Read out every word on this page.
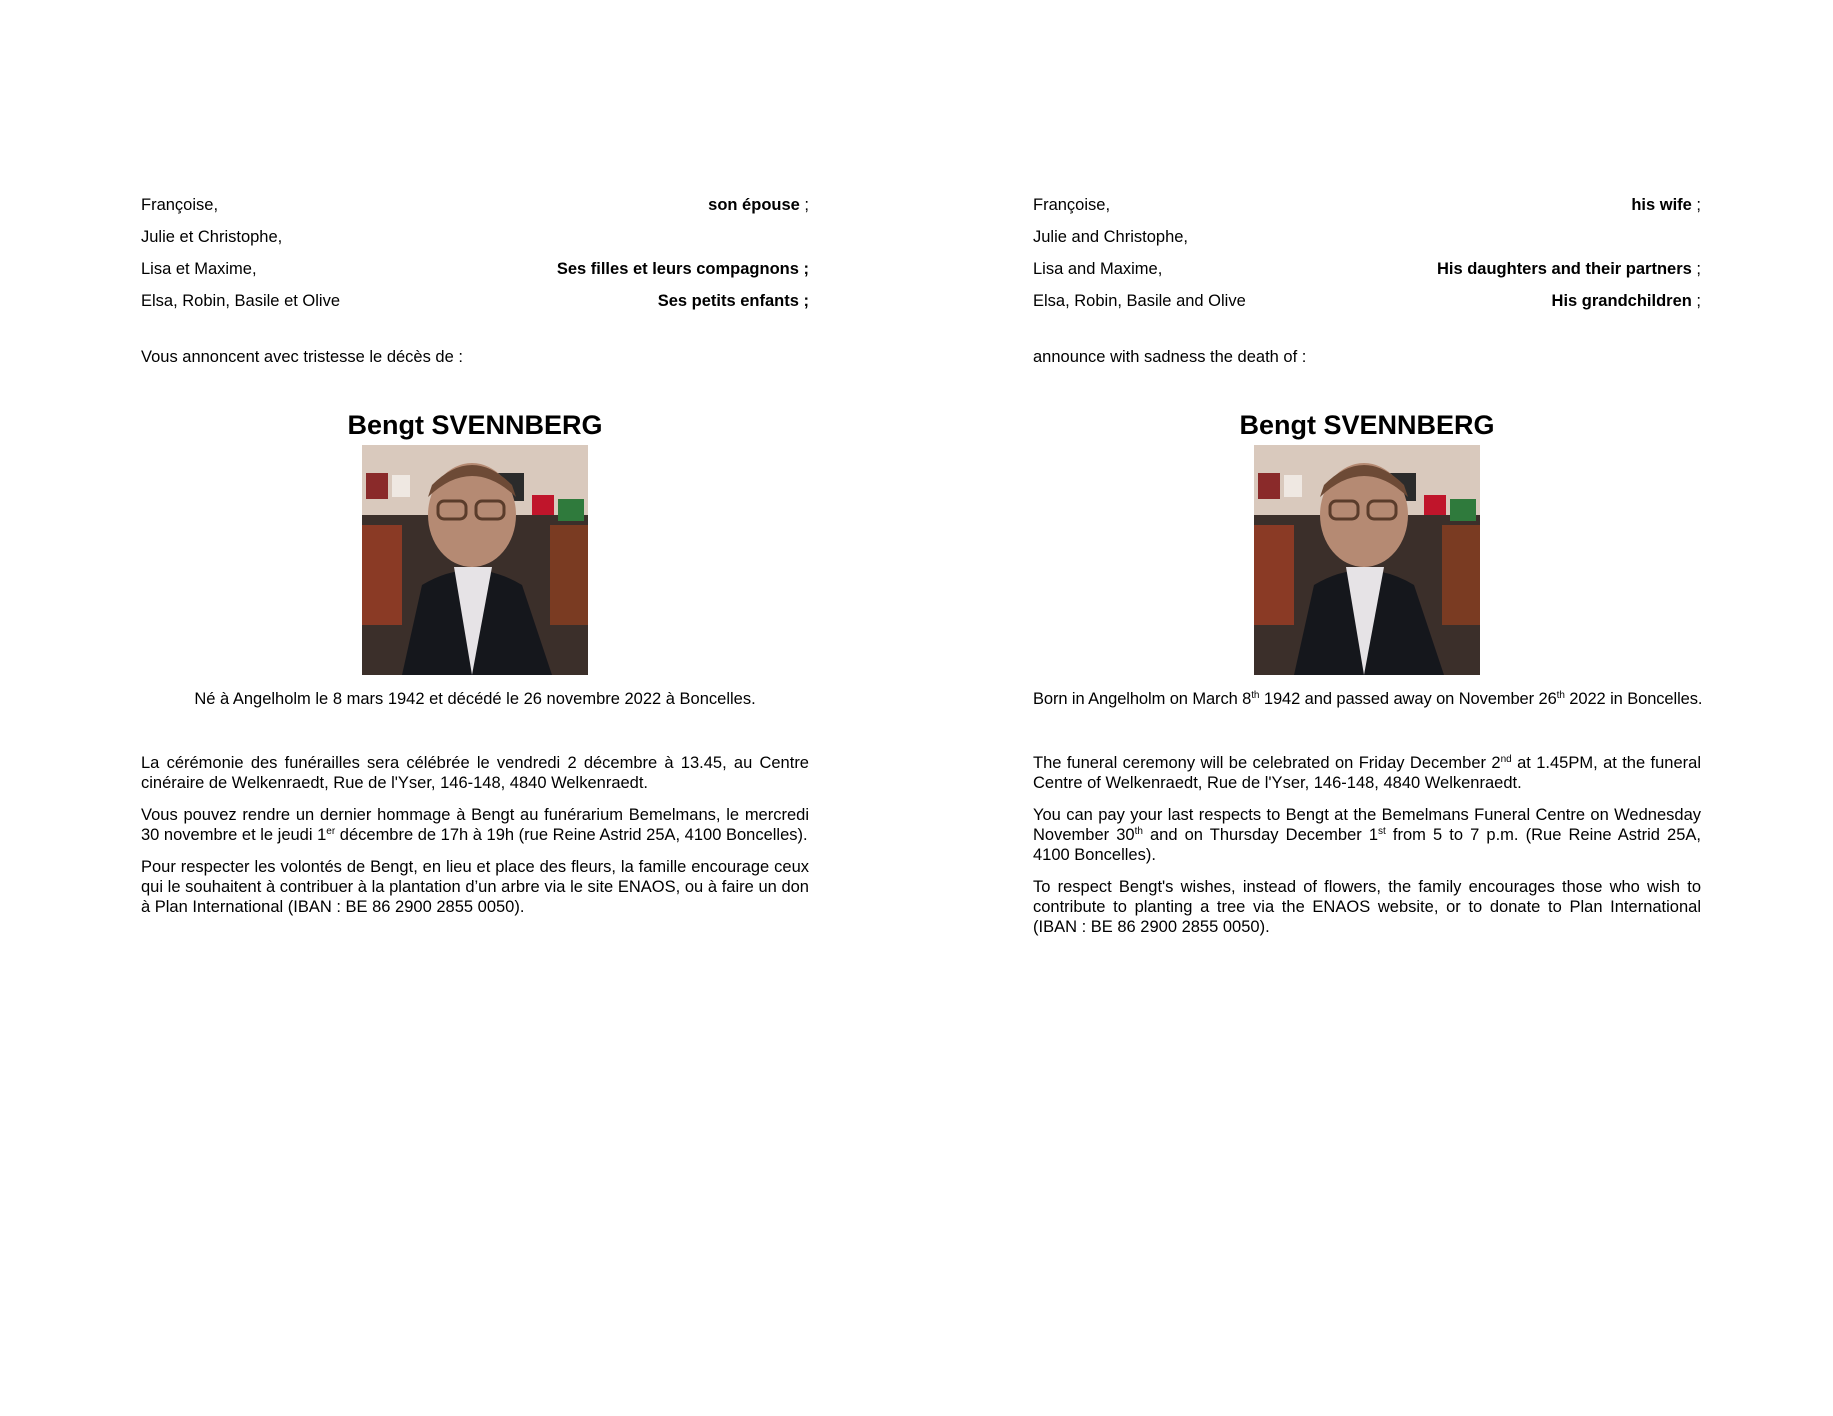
Françoise,	son épouse ;
Julie et Christophe,
Lisa et Maxime,	Ses filles et leurs compagnons ;
Elsa, Robin, Basile et Olive	Ses petits enfants ;
Vous annoncent avec tristesse le décès de :
Bengt SVENNBERG
Né à Angelholm le 8 mars 1942 et décédé le 26 novembre 2022 à Boncelles.

La cérémonie des funérailles sera célébrée le vendredi 2 décembre à 13.45, au Centre cinéraire de Welkenraedt, Rue de l'Yser, 146-148, 4840 Welkenraedt.

Vous pouvez rendre un dernier hommage à Bengt au funérarium Bemelmans, le mercredi 30 novembre et le jeudi 1er décembre de 17h à 19h (rue Reine Astrid 25A, 4100 Boncelles).

Pour respecter les volontés de Bengt, en lieu et place des fleurs, la famille encourage ceux qui le souhaitent à contribuer à la plantation d’un arbre via le site ENAOS, ou à faire un don à Plan International (IBAN : BE 86 2900 2855 0050).

Françoise,	his wife ;
Julie and Christophe,
Lisa and Maxime,	His daughters and their partners ;
Elsa, Robin, Basile and Olive	His grandchildren ;
announce with sadness the death of :
Bengt SVENNBERG
Born in Angelholm on March 8th 1942 and passed away on November 26th 2022 in Boncelles.

The funeral ceremony will be celebrated on Friday December 2nd at 1.45PM, at the funeral Centre of Welkenraedt, Rue de l'Yser, 146-148, 4840 Welkenraedt.

You can pay your last respects to Bengt at the Bemelmans Funeral Centre on Wednesday November 30th and on Thursday December 1st from 5 to 7 p.m. (Rue Reine Astrid 25A, 4100 Boncelles).

To respect Bengt's wishes, instead of flowers, the family encourages those who wish to contribute to planting a tree via the ENAOS website, or to donate to Plan International (IBAN : BE 86 2900 2855 0050).
